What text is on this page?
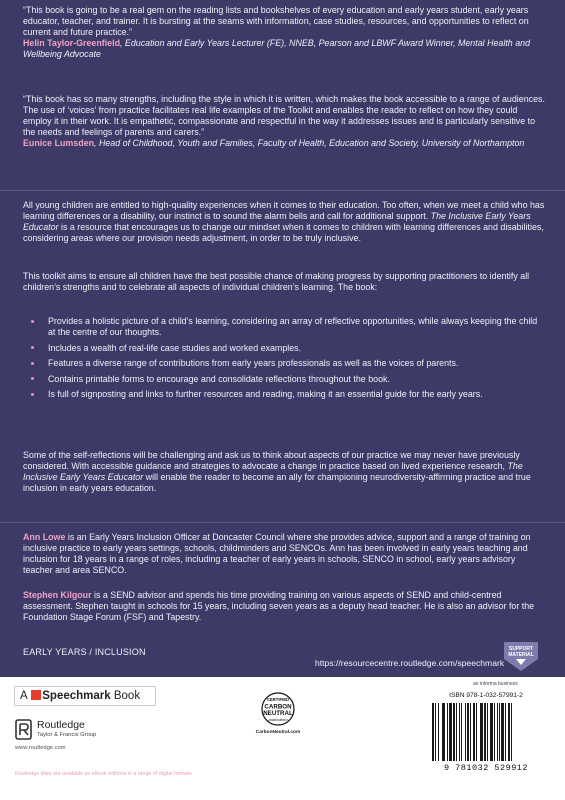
“This book is going to be a real gem on the reading lists and bookshelves of every education and early years student, early years educator, teacher, and trainer. It is bursting at the seams with information, case studies, resources, and opportunities to reflect on current and future practice.”
Helin Taylor-Greenfield, Education and Early Years Lecturer (FE), NNEB, Pearson and LBWF Award Winner, Mental Health and Wellbeing Advocate

“This book has so many strengths, including the style in which it is written, which makes the book accessible to a range of audiences. The use of ‘voices’ from practice facilitates real life examples of the Toolkit and enables the reader to reflect on how they could employ it in their work. It is empathetic, compassionate and respectful in the way it addresses issues and is particularly sensitive to the needs and feelings of parents and carers.”
Eunice Lumsden, Head of Childhood, Youth and Families, Faculty of Health, Education and Society, University of Northampton

All young children are entitled to high-quality experiences when it comes to their education. Too often, when we meet a child who has learning differences or a disability, our instinct is to sound the alarm bells and call for additional support. The Inclusive Early Years Educator is a resource that encourages us to change our mindset when it comes to children with learning differences and disabilities, considering areas where our provision needs adjustment, in order to be truly inclusive.

This toolkit aims to ensure all children have the best possible chance of making progress by supporting practitioners to identify all children’s strengths and to celebrate all aspects of individual children’s learning. The book:

Provides a holistic picture of a child’s learning, considering an array of reflective opportunities, while always keeping the child at the centre of our thoughts.
Includes a wealth of real-life case studies and worked examples.
Features a diverse range of contributions from early years professionals as well as the voices of parents.
Contains printable forms to encourage and consolidate reflections throughout the book.
Is full of signposting and links to further resources and reading, making it an essential guide for the early years.

Some of the self-reflections will be challenging and ask us to think about aspects of our practice we may never have previously considered. With accessible guidance and strategies to advocate a change in practice based on lived experience research, The Inclusive Early Years Educator will enable the reader to become an ally for championing neurodiversity-affirming practice and true inclusion in early years education.

Ann Lowe is an Early Years Inclusion Officer at Doncaster Council where she provides advice, support and a range of training on inclusive practice to early years settings, schools, childminders and SENCOs. Ann has been involved in early years teaching and inclusion for 18 years in a range of roles, including a teacher of early years in schools, SENCO in school, early years advisory teacher and area SENCO.

Stephen Kilgour is a SEND advisor and spends his time providing training on various aspects of SEND and child-centred assessment. Stephen taught in schools for 15 years, including seven years as a deputy head teacher. He is also an advisor for the Foundation Stage Forum (FSF) and Tapestry.

EARLY YEARS / INCLUSION
https://resourcecentre.routledge.com/speechmark
SUPPORT
MATERIAL
A Speechmark Book
Routledge
Taylor & Francis Group
www.routledge.com
Routledge titles are available as eBook editions in a range of digital formats
CERTIFIED
CARBON
NEUTRAL
publication
CarbonNeutral.com
an informa business
ISBN 978-1-032-57991-2
9 781032 529912
